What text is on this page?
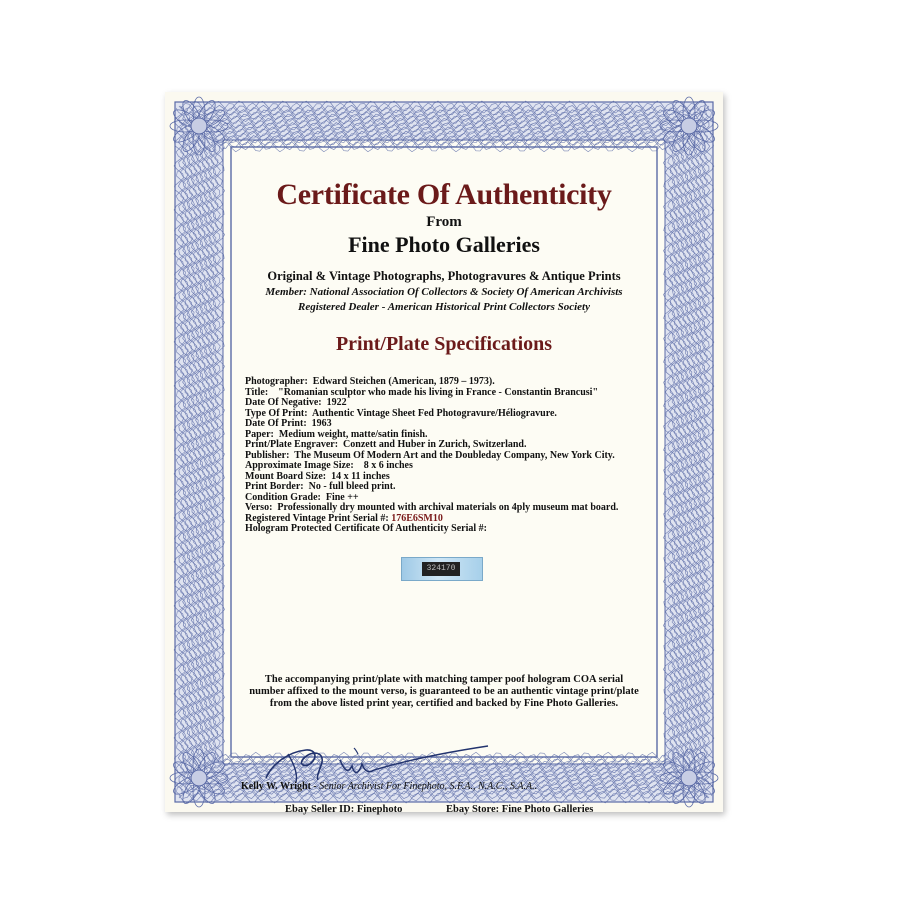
Certificate Of Authenticity
From
Fine Photo Galleries
Original & Vintage Photographs, Photogravures & Antique Prints
Member: National Association Of Collectors & Society Of American Archivists
Registered Dealer - American Historical Print Collectors Society
Print/Plate Specifications
Photographer: Edward Steichen (American, 1879 – 1973).
Title: "Romanian sculptor who made his living in France - Constantin Brancusi"
Date Of Negative: 1922
Type Of Print: Authentic Vintage Sheet Fed Photogravure/Héliogravure.
Date Of Print: 1963
Paper: Medium weight, matte/satin finish.
Print/Plate Engraver: Conzett and Huber in Zurich, Switzerland.
Publisher: The Museum Of Modern Art and the Doubleday Company, New York City.
Approximate Image Size: 8 x 6 inches
Mount Board Size: 14 x 11 inches
Print Border: No - full bleed print.
Condition Grade: Fine ++
Verso: Professionally dry mounted with archival materials on 4ply museum mat board.
Registered Vintage Print Serial #: 176E6SM10
Hologram Protected Certificate Of Authenticity Serial #:
324170
The accompanying print/plate with matching tamper poof hologram COA serial
number affixed to the mount verso, is guaranteed to be an authentic vintage print/plate
from the above listed print year, certified and backed by Fine Photo Galleries.
Kelly W. Wright - Senior Archivist For Finephoto, S.F.A., N.A.C., S.A.A..
Ebay Seller ID: Finephoto	Ebay Store: Fine Photo Galleries
